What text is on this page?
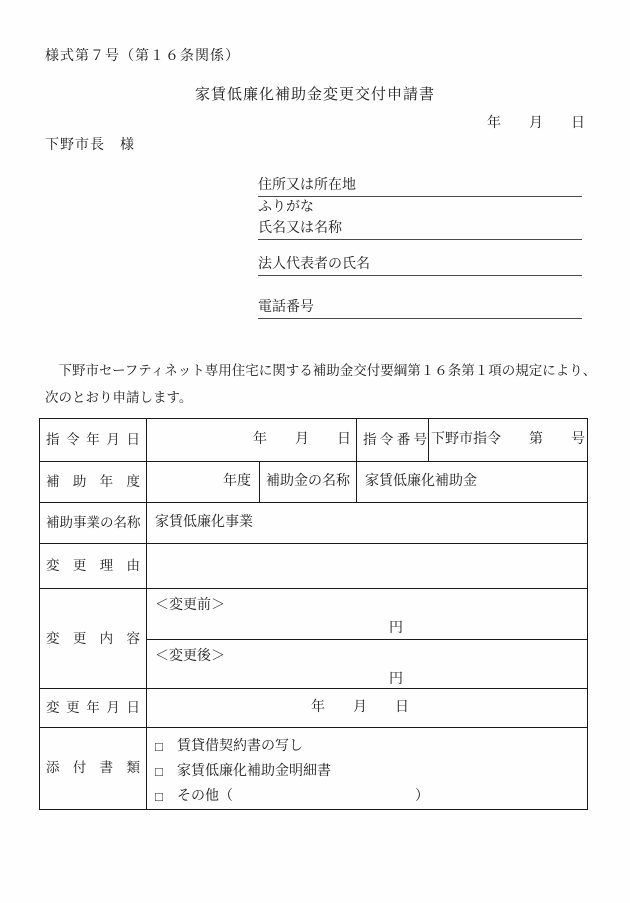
様式第７号（第１６条関係）
家賃低廉化補助金変更交付申請書
年　　月　　日
下野市長　様
住所又は所在地
ふりがな
氏名又は名称
法人代表者の氏名
電話番号
　下野市セーフティネット専用住宅に関する補助金交付要綱第１６条第１項の規定により、
次のとおり申請します。
指 令 年 月 日	年　　月　　日 指 令 番 号 下野市指令　　第　　号
補 助 年 度	年度	補助金の名称	家賃低廉化補助金
補助事業の名称	家賃低廉化事業
変 更 理 由
変 更 内 容
＜変更前＞
円
＜変更後＞
円
変 更 年 月 日	年　　月　　日
添 付 書 類
□	賃貸借契約書の写し
□	家賃低廉化補助金明細書
□	その他（　　　　　　　　　　　　　）
